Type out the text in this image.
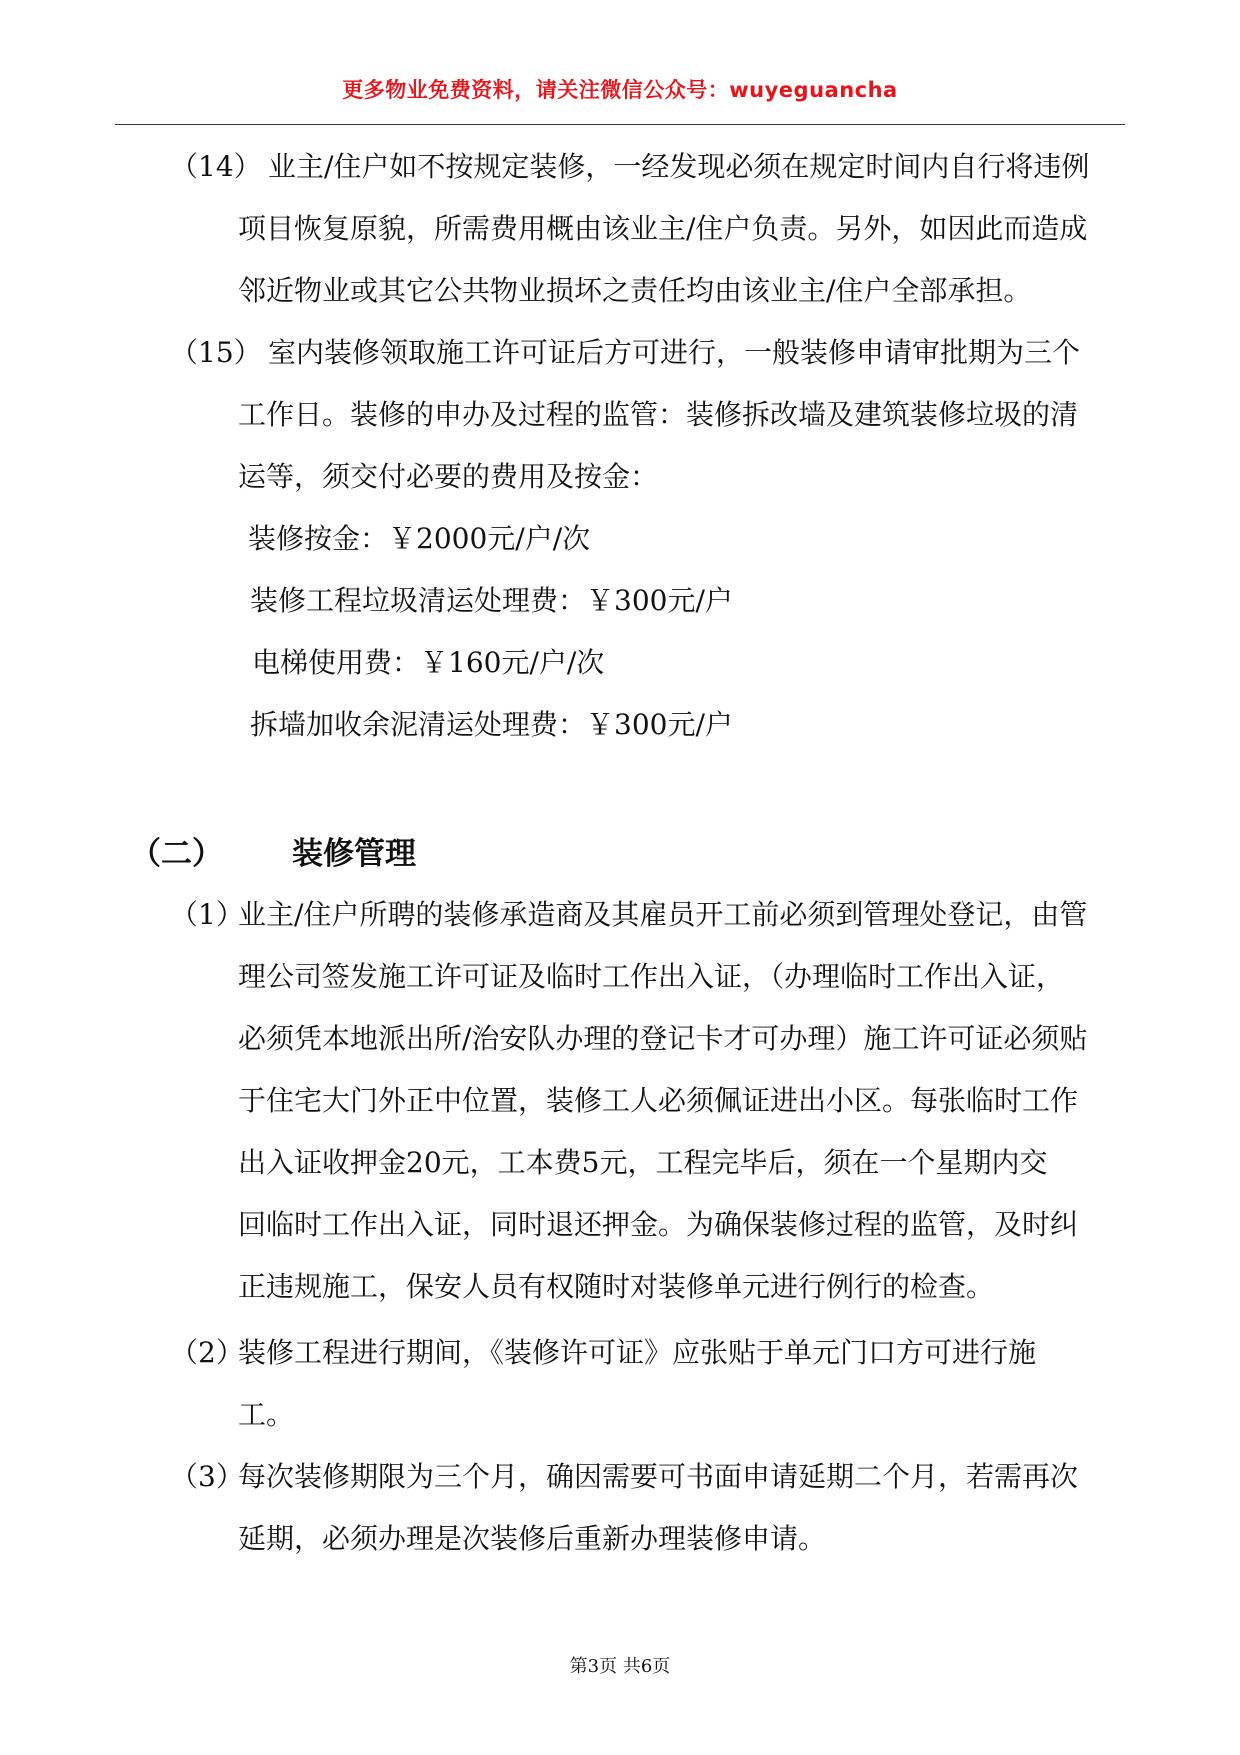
更多物业免费资料，请关注微信公众号：wuyeguancha
（14） 业主/住户如不按规定装修，一经发现必须在规定时间内自行将违例
项目恢复原貌，所需费用概由该业主/住户负责。另外，如因此而造成
邻近物业或其它公共物业损坏之责任均由该业主/住户全部承担。
（15） 室内装修领取施工许可证后方可进行，一般装修申请审批期为三个
工作日。装修的申办及过程的监管：装修拆改墙及建筑装修垃圾的清
运等，须交付必要的费用及按金：
装修按金：￥2000元/户/次
装修工程垃圾清运处理费：￥300元/户
电梯使用费：￥160元/户/次
拆墙加收余泥清运处理费：￥300元/户
（二） 装修管理
（1）
业主/住户所聘的装修承造商及其雇员开工前必须到管理处登记，由管
理公司签发施工许可证及临时工作出入证，（办理临时工作出入证，
必须凭本地派出所/治安队办理的登记卡才可办理）施工许可证必须贴
于住宅大门外正中位置，装修工人必须佩证进出小区。每张临时工作
出入证收押金20元，工本费5元，工程完毕后，须在一个星期内交
回临时工作出入证，同时退还押金。为确保装修过程的监管，及时纠
正违规施工，保安人员有权随时对装修单元进行例行的检查。
（2）
装修工程进行期间，《装修许可证》应张贴于单元门口方可进行施
工。
（3）
每次装修期限为三个月，确因需要可书面申请延期二个月，若需再次
延期，必须办理是次装修后重新办理装修申请。
第3页 共6页
